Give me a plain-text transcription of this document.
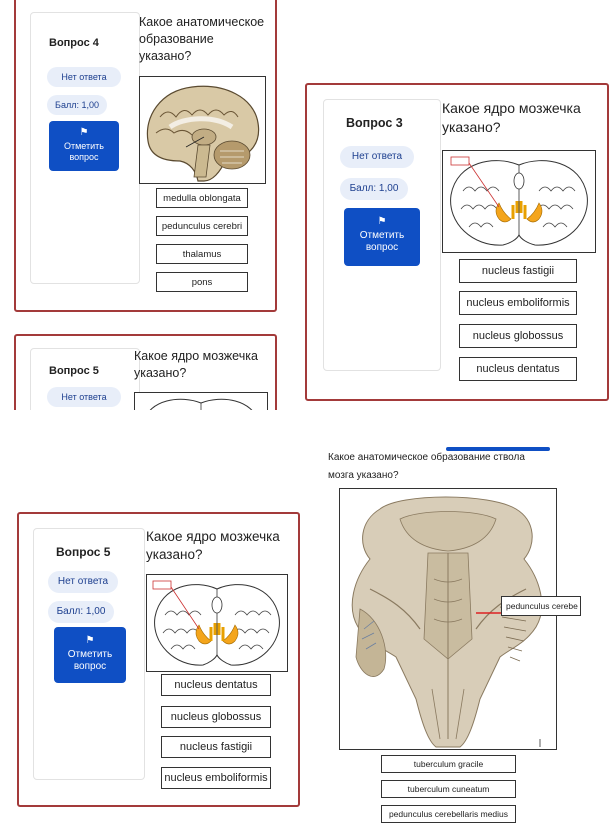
Вопрос 4
Нет ответа
Балл: 1,00
⚑
Отметить вопрос
Какое анатомическое образование указано?
medulla oblongata
pedunculus cerebri
thalamus
pons
Вопрос 3
Нет ответа
Балл: 1,00
⚑
Отметить вопрос
Какое ядро мозжечка указано?
nucleus fastigii
nucleus emboliformis
nucleus globossus
nucleus dentatus
Вопрос 5
Нет ответа
Какое ядро мозжечка указано?
Вопрос 5
Нет ответа
Балл: 1,00
⚑
Отметить вопрос
Какое ядро мозжечка указано?
nucleus dentatus
nucleus globossus
nucleus fastigii
nucleus emboliformis
Какое анатомическое образование ствола мозга указано?
pedunculus cerebe
tuberculum gracile
tuberculum cuneatum
pedunculus cerebellaris medius
